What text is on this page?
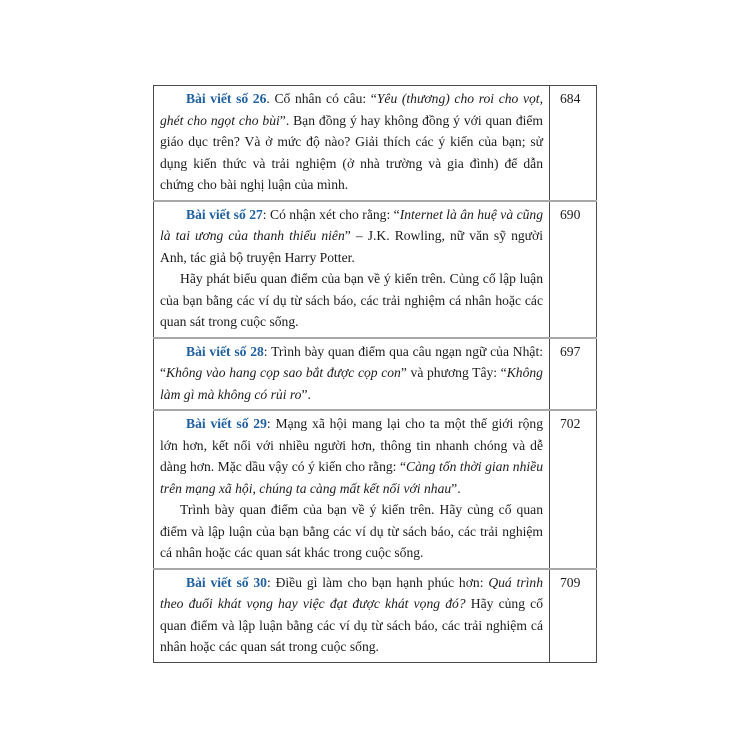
Bài viết số 26. Cổ nhân có câu: “Yêu (thương) cho roi cho vọt, ghét cho ngọt cho bùi”. Bạn đồng ý hay không đồng ý với quan điểm giáo dục trên? Và ở mức độ nào? Giải thích các ý kiến của bạn; sử dụng kiến thức và trải nghiệm (ở nhà trường và gia đình) để dẫn chứng cho bài nghị luận của mình.	684

Bài viết số 27: Có nhận xét cho rằng: “Internet là ân huệ và cũng là tai ương của thanh thiếu niên” – J.K. Rowling, nữ văn sỹ người Anh, tác giả bộ truyện Harry Potter.

Hãy phát biểu quan điểm của bạn về ý kiến trên. Củng cố lập luận của bạn bằng các ví dụ từ sách báo, các trải nghiệm cá nhân hoặc các quan sát trong cuộc sống.	690

Bài viết số 28: Trình bày quan điểm qua câu ngạn ngữ của Nhật: “Không vào hang cọp sao bắt được cọp con” và phương Tây: “Không làm gì mà không có rủi ro”.	697

Bài viết số 29: Mạng xã hội mang lại cho ta một thế giới rộng lớn hơn, kết nối với nhiều người hơn, thông tin nhanh chóng và dễ dàng hơn. Mặc dầu vậy có ý kiến cho rằng: “Càng tốn thời gian nhiều trên mạng xã hội, chúng ta càng mất kết nối với nhau”.

Trình bày quan điểm của bạn về ý kiến trên. Hãy củng cố quan điểm và lập luận của bạn bằng các ví dụ từ sách báo, các trải nghiệm cá nhân hoặc các quan sát khác trong cuộc sống.	702

Bài viết số 30: Điều gì làm cho bạn hạnh phúc hơn: Quá trình theo đuổi khát vọng hay việc đạt được khát vọng đó? Hãy củng cố quan điểm và lập luận bằng các ví dụ từ sách báo, các trải nghiệm cá nhân hoặc các quan sát trong cuộc sống.	709
